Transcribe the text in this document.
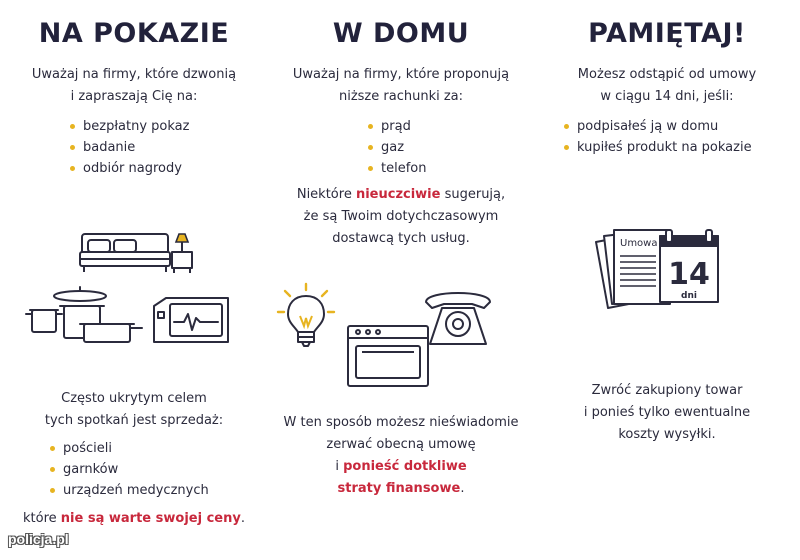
NA POKAZIE

Uważaj na firmy, które dzwonią
i zapraszają Cię na:

bezpłatny pokaz
badanie
odbiór nagrody

Często ukrytym celem
tych spotkań jest sprzedaż:

pościeli
garnków
urządzeń medycznych

które nie są warte swojej ceny.

W DOMU

Uważaj na firmy, które proponują
niższe rachunki za:

prąd
gaz
telefon

Niektóre nieuczciwie sugerują,
że są Twoim dotychczasowym
dostawcą tych usług.

W ten sposób możesz nieświadomie
zerwać obecną umowę
i ponieść dotkliwe
straty finansowe.

PAMIĘTAJ!

Możesz odstąpić od umowy
w ciągu 14 dni, jeśli:

podpisałeś ją w domu
kupiłeś produkt na pokazie
Umowa
14
dni

Zwróć zakupiony towar
i ponieś tylko ewentualne
koszty wysyłki.

policja.pl
